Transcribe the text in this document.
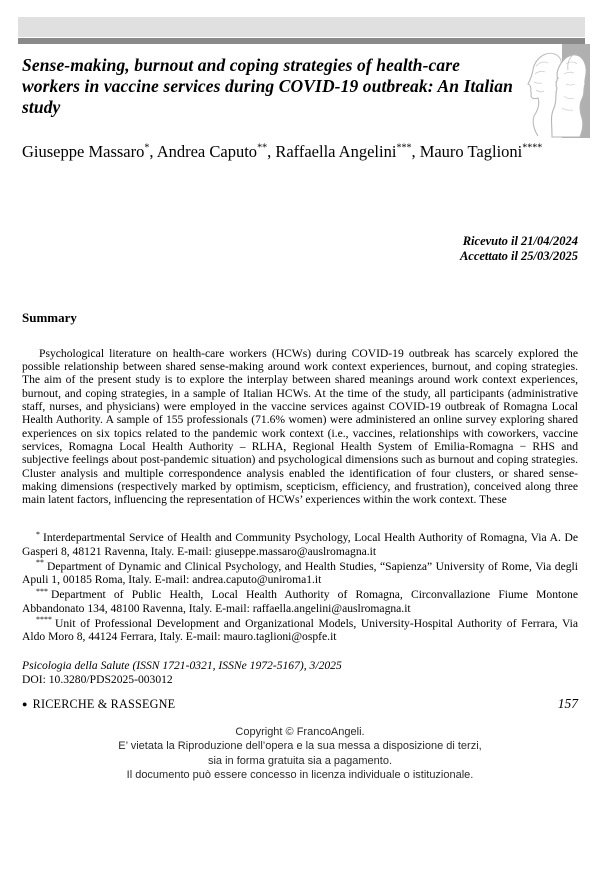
Sense-making, burnout and coping strategies of health-care workers in vaccine services during COVID-19 outbreak: An Italian study
Giuseppe Massaro*, Andrea Caputo**, Raffaella Angelini***, Mauro Taglioni****
Ricevuto il 21/04/2024
Accettato il 25/03/2025
Summary

Psychological literature on health-care workers (HCWs) during COVID-19 outbreak has scarcely explored the possible relationship between shared sense-making around work context experiences, burnout, and coping strategies. The aim of the present study is to explore the interplay between shared meanings around work context experiences, burnout, and coping strategies, in a sample of Italian HCWs. At the time of the study, all participants (administrative staff, nurses, and physicians) were employed in the vaccine services against COVID-19 outbreak of Romagna Local Health Authority. A sample of 155 professionals (71.6% women) were administered an online survey exploring shared experiences on six topics related to the pandemic work context (i.e., vaccines, relationships with coworkers, vaccine services, Romagna Local Health Authority – RLHA, Regional Health System of Emilia-Romagna − RHS and subjective feelings about post-pandemic situation) and psychological dimensions such as burnout and coping strategies. Cluster analysis and multiple correspondence analysis enabled the identification of four clusters, or shared sense-making dimensions (respectively marked by optimism, scepticism, efficiency, and frustration), conceived along three main latent factors, influencing the representation of HCWs’ experiences within the work context. These

* Interdepartmental Service of Health and Community Psychology, Local Health Authority of Romagna, Via A. De Gasperi 8, 48121 Ravenna, Italy. E-mail: giuseppe.massaro@auslromagna.it

** Department of Dynamic and Clinical Psychology, and Health Studies, “Sapienza” University of Rome, Via degli Apuli 1, 00185 Roma, Italy. E-mail: andrea.caputo@uniroma1.it

*** Department of Public Health, Local Health Authority of Romagna, Circonvallazione Fiume Montone Abbandonato 134, 48100 Ravenna, Italy. E-mail: raffaella.angelini@auslromagna.it

**** Unit of Professional Development and Organizational Models, University-Hospital Authority of Ferrara, Via Aldo Moro 8, 44124 Ferrara, Italy. E-mail: mauro.taglioni@ospfe.it

Psicologia della Salute (ISSN 1721-0321, ISSNe 1972-5167), 3/2025
DOI: 10.3280/PDS2025-003012
● RICERCHE & RASSEGNE	157
Copyright © FrancoAngeli.
E’ vietata la Riproduzione dell’opera e la sua messa a disposizione di terzi,
sia in forma gratuita sia a pagamento.
Il documento può essere concesso in licenza individuale o istituzionale.
